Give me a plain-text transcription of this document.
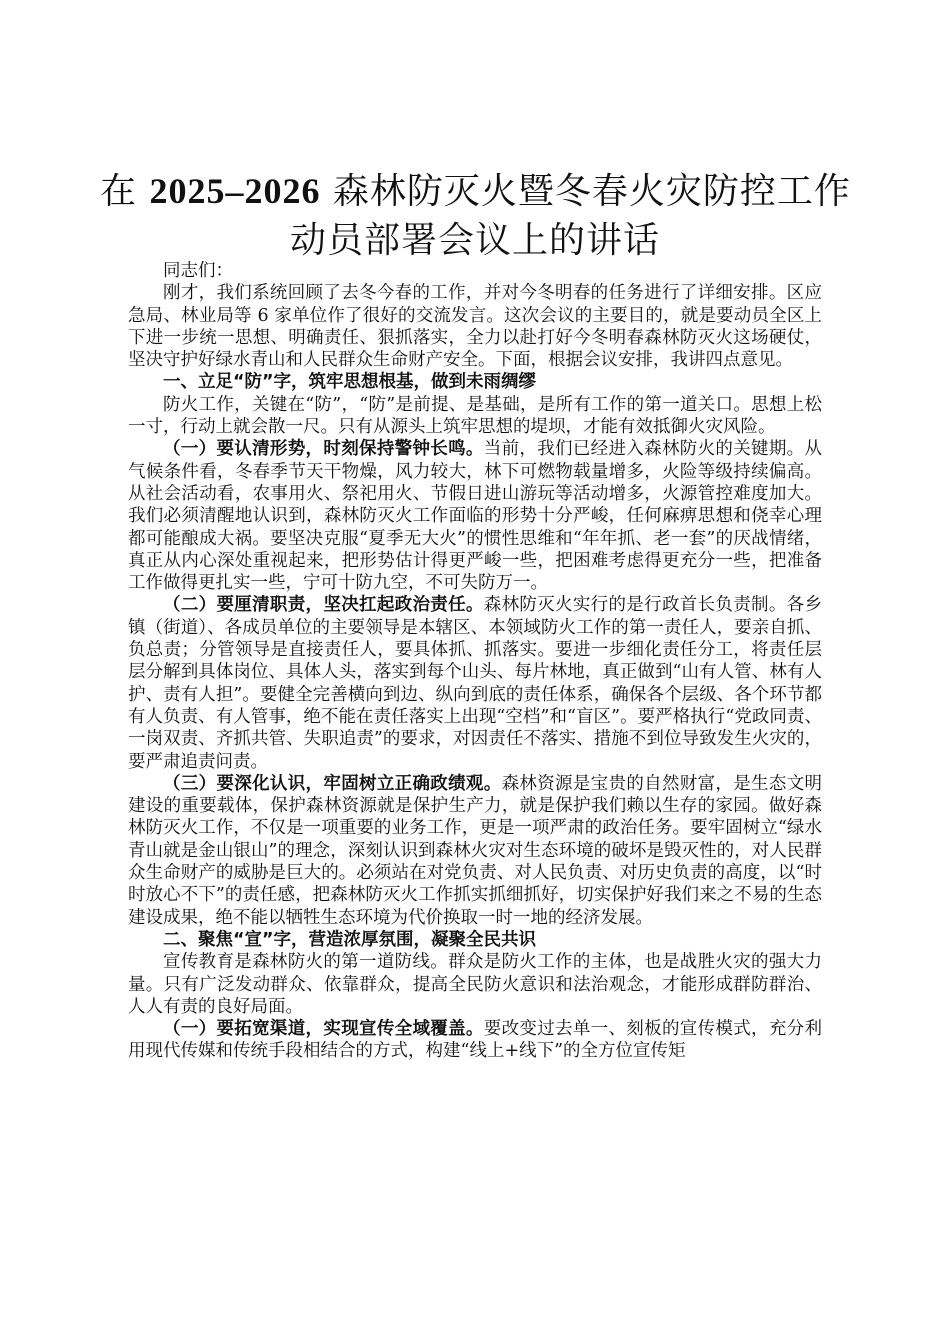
在 2025–2026 森林防灭火暨冬春火灾防控工作
动员部署会议上的讲话

同志们：

刚才，我们系统回顾了去冬今春的工作，并对今冬明春的任务进行了详细安排。区应急局、林业局等 6 家单位作了很好的交流发言。这次会议的主要目的，就是要动员全区上下进一步统一思想、明确责任、狠抓落实，全力以赴打好今冬明春森林防灭火这场硬仗，坚决守护好绿水青山和人民群众生命财产安全。下面，根据会议安排，我讲四点意见。

一、立足“防”字，筑牢思想根基，做到未雨绸缪

防火工作，关键在“防”，“防”是前提、是基础，是所有工作的第一道关口。思想上松一寸，行动上就会散一尺。只有从源头上筑牢思想的堤坝，才能有效抵御火灾风险。

（一）要认清形势，时刻保持警钟长鸣。当前，我们已经进入森林防火的关键期。从气候条件看，冬春季节天干物燥，风力较大，林下可燃物载量增多，火险等级持续偏高。从社会活动看，农事用火、祭祀用火、节假日进山游玩等活动增多，火源管控难度加大。我们必须清醒地认识到，森林防灭火工作面临的形势十分严峻，任何麻痹思想和侥幸心理都可能酿成大祸。要坚决克服“夏季无大火”的惯性思维和“年年抓、老一套”的厌战情绪，真正从内心深处重视起来，把形势估计得更严峻一些，把困难考虑得更充分一些，把准备工作做得更扎实一些，宁可十防九空，不可失防万一。

（二）要厘清职责，坚决扛起政治责任。森林防灭火实行的是行政首长负责制。各乡镇（街道）、各成员单位的主要领导是本辖区、本领域防火工作的第一责任人，要亲自抓、负总责；分管领导是直接责任人，要具体抓、抓落实。要进一步细化责任分工，将责任层层分解到具体岗位、具体人头，落实到每个山头、每片林地，真正做到“山有人管、林有人护、责有人担”。要健全完善横向到边、纵向到底的责任体系，确保各个层级、各个环节都有人负责、有人管事，绝不能在责任落实上出现“空档”和“盲区”。要严格执行“党政同责、一岗双责、齐抓共管、失职追责”的要求，对因责任不落实、措施不到位导致发生火灾的，要严肃追责问责。

（三）要深化认识，牢固树立正确政绩观。森林资源是宝贵的自然财富，是生态文明建设的重要载体，保护森林资源就是保护生产力，就是保护我们赖以生存的家园。做好森林防灭火工作，不仅是一项重要的业务工作，更是一项严肃的政治任务。要牢固树立“绿水青山就是金山银山”的理念，深刻认识到森林火灾对生态环境的破坏是毁灭性的，对人民群众生命财产的威胁是巨大的。必须站在对党负责、对人民负责、对历史负责的高度，以“时时放心不下”的责任感，把森林防灭火工作抓实抓细抓好，切实保护好我们来之不易的生态建设成果，绝不能以牺牲生态环境为代价换取一时一地的经济发展。

二、聚焦“宣”字，营造浓厚氛围，凝聚全民共识

宣传教育是森林防火的第一道防线。群众是防火工作的主体，也是战胜火灾的强大力量。只有广泛发动群众、依靠群众，提高全民防火意识和法治观念，才能形成群防群治、人人有责的良好局面。

（一）要拓宽渠道，实现宣传全域覆盖。要改变过去单一、刻板的宣传模式，充分利用现代传媒和传统手段相结合的方式，构建“线上+线下”的全方位宣传矩
